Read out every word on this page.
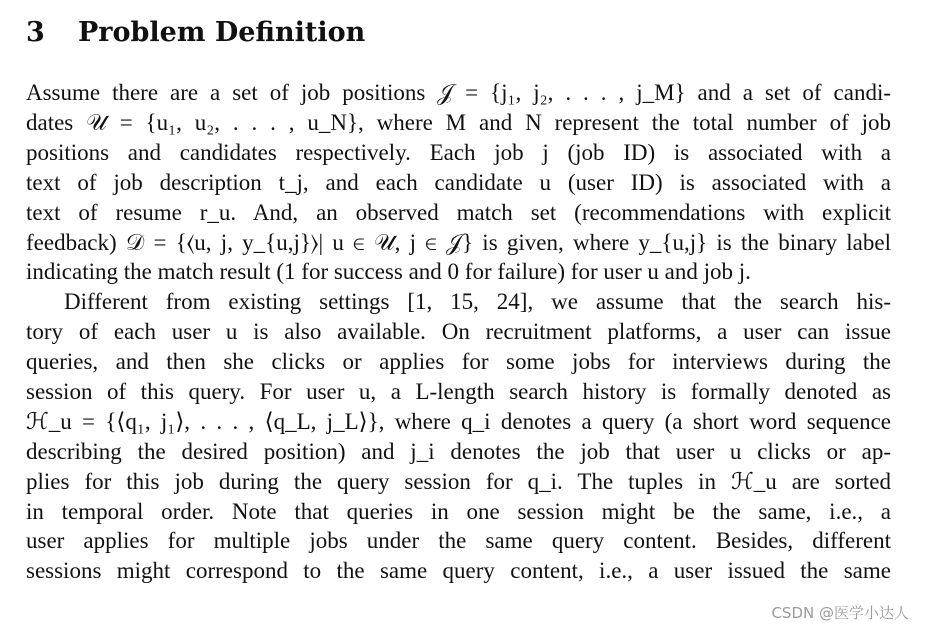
3 Problem Definition
Assume there are a set of job positions 𝒥 = {j₁, j₂, . . . , j_M} and a set of candi-
dates 𝒰 = {u₁, u₂, . . . , u_N}, where M and N represent the total number of job
positions and candidates respectively. Each job j (job ID) is associated with a
text of job description t_j, and each candidate u (user ID) is associated with a
text of resume r_u. And, an observed match set (recommendations with explicit
feedback) 𝒟 = {⟨u, j, y_{u,j}⟩| u ∈ 𝒰, j ∈ 𝒥} is given, where y_{u,j} is the binary label
indicating the match result (1 for success and 0 for failure) for user u and job j.
Different from existing settings [1, 15, 24], we assume that the search his-
tory of each user u is also available. On recruitment platforms, a user can issue
queries, and then she clicks or applies for some jobs for interviews during the
session of this query. For user u, a L-length search history is formally denoted as
ℋ_u = {⟨q₁, j₁⟩, . . . , ⟨q_L, j_L⟩}, where q_i denotes a query (a short word sequence
describing the desired position) and j_i denotes the job that user u clicks or ap-
plies for this job during the query session for q_i. The tuples in ℋ_u are sorted
in temporal order. Note that queries in one session might be the same, i.e., a
user applies for multiple jobs under the same query content. Besides, different
sessions might correspond to the same query content, i.e., a user issued the same
CSDN @医学小达人
